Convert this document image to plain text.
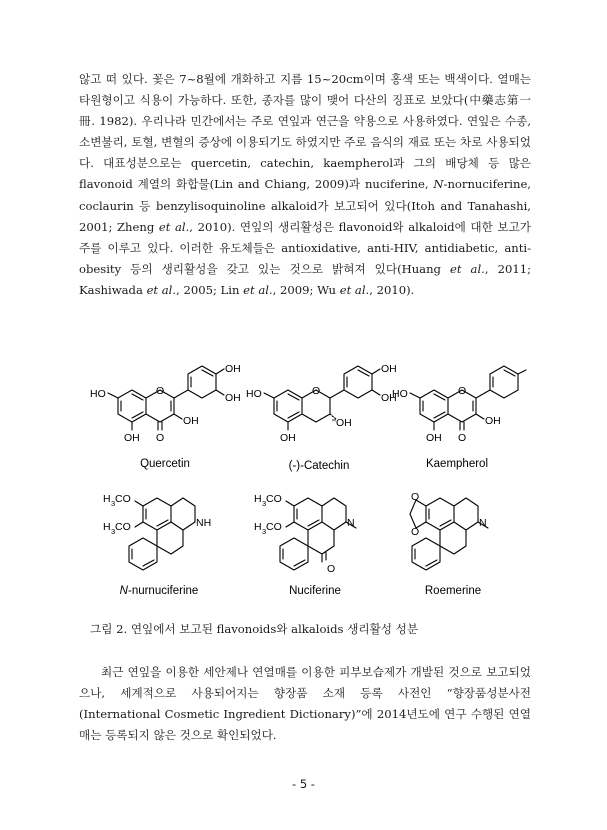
않고 떠 있다. 꽃은 7~8월에 개화하고 지름 15~20cm이며 홍색 또는 백색이다. 열매는 타원형이고 식용이 가능하다. 또한, 종자를 많이 맺어 다산의 징표로 보았다(中藥志第一冊. 1982). 우리나라 민간에서는 주로 연잎과 연근을 약용으로 사용하였다. 연잎은 수종, 소변불리, 토혈, 변혈의 증상에 이용되기도 하였지만 주로 음식의 재료 또는 차로 사용되었다. 대표성분으로는 quercetin, catechin, kaempherol과 그의 배당체 등 많은 flavonoid 계열의 화합물(Lin and Chiang, 2009)과 nuciferine, N-nornuciferine, coclaurin 등 benzylisoquinoline alkaloid가 보고되어 있다(Itoh and Tanahashi, 2001; Zheng et al., 2010). 연잎의 생리활성은 flavonoid와 alkaloid에 대한 보고가 주를 이루고 있다. 이러한 유도체들은 antioxidative, anti-HIV, antidiabetic, anti-obesity 등의 생리활성을 갖고 있는 것으로 밝혀져 있다(Huang et al., 2011; Kashiwada et al., 2005; Lin et al., 2009; Wu et al., 2010).

O
O
OH
OH
OH
HO
OH
Quercetin
O
OH
OH
''OH
HO
OH
(-)-Catechin
O
O
OH
HO
OH
Kaempherol
H 3 CO
H 3 CO	NH
N-nurnuciferine
H 3 CO
H 3 CO	N
O
Nuciferine
O
O
N
Roemerine

그림 2. 연잎에서 보고된 flavonoids와 alkaloids 생리활성 성분

최근 연잎을 이용한 세안제나 연열매를 이용한 피부보습제가 개발된 것으로 보고되었으나, 세계적으로 사용되어지는 향장품 소재 등록 사전인 “향장품성분사전(International Cosmetic Ingredient Dictionary)”에 2014년도에 연구 수행된 연열매는 등록되지 않은 것으로 확인되었다.

- 5 -
